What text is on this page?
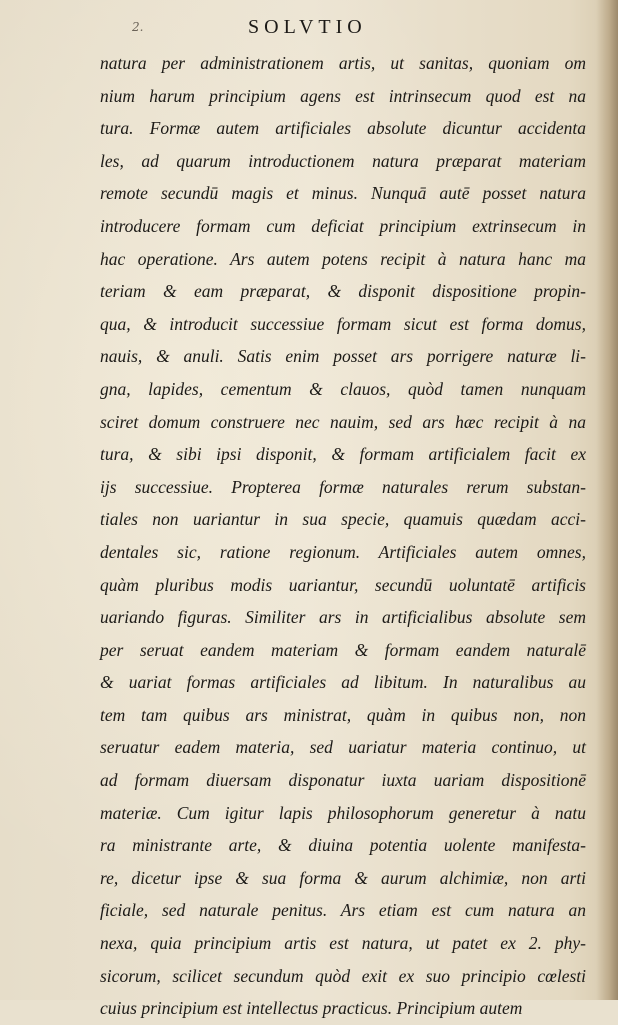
2.	SOLVTIO
natura per administrationem artis, ut sanitas, quoniam om
nium harum principium agens est intrinsecum quod est na
tura. Formæ autem artificiales absolute dicuntur accidenta
les, ad quarum introductionem natura præparat materiam
remote secundū magis et minus. Nunquā autē posset natura
introducere formam cum deficiat principium extrinsecum in
hac operatione. Ars autem potens recipit à natura hanc ma
teriam & eam præparat, & disponit dispositione propin-
qua, & introducit successiue formam sicut est forma domus,
nauis, & anuli. Satis enim posset ars porrigere naturæ li-
gna, lapides, cementum & clauos, quòd tamen nunquam
sciret domum construere nec nauim, sed ars hæc recipit à na
tura, & sibi ipsi disponit, & formam artificialem facit ex
ijs successiue. Propterea formæ naturales rerum substan-
tiales non uariantur in sua specie, quamuis quædam acci-
dentales sic, ratione regionum. Artificiales autem omnes,
quàm pluribus modis uariantur, secundū uoluntatē artificis
uariando figuras. Similiter ars in artificialibus absolute sem
per seruat eandem materiam & formam eandem naturalē
& uariat formas artificiales ad libitum. In naturalibus au
tem tam quibus ars ministrat, quàm in quibus non, non
seruatur eadem materia, sed uariatur materia continuo, ut
ad formam diuersam disponatur iuxta uariam dispositionē
materiæ. Cum igitur lapis philosophorum generetur à natu
ra ministrante arte, & diuina potentia uolente manifesta-
re, dicetur ipse & sua forma & aurum alchimiæ, non arti
ficiale, sed naturale penitus. Ars etiam est cum natura an
nexa, quia principium artis est natura, ut patet ex 2. phy-
sicorum, scilicet secundum quòd exit ex suo principio cœlesti
cuius principium est intellectus practicus. Principium autem
